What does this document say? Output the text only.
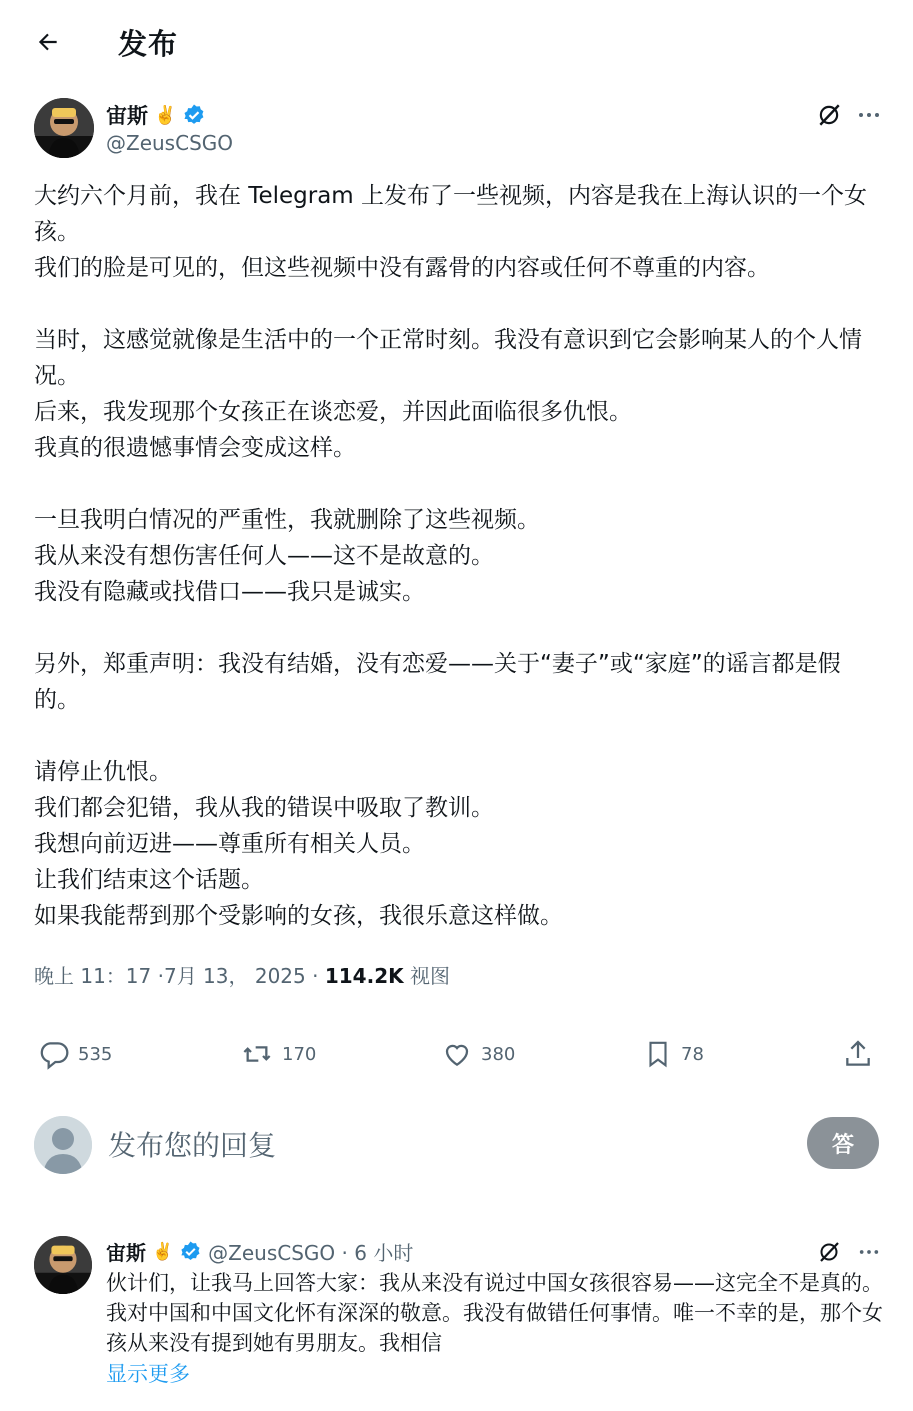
发布
宙斯 ✌️
@ZeusCSGO

大约六个月前，我在 Telegram 上发布了一些视频，内容是我在上海认识的一个女孩。

我们的脸是可见的，但这些视频中没有露骨的内容或任何不尊重的内容。

当时，这感觉就像是生活中的一个正常时刻。我没有意识到它会影响某人的个人情况。

后来，我发现那个女孩正在谈恋爱，并因此面临很多仇恨。

我真的很遗憾事情会变成这样。

一旦我明白情况的严重性，我就删除了这些视频。

我从来没有想伤害任何人——这不是故意的。

我没有隐藏或找借口——我只是诚实。

另外，郑重声明：我没有结婚，没有恋爱——关于“妻子”或“家庭”的谣言都是假的。

请停止仇恨。

我们都会犯错，我从我的错误中吸取了教训。

我想向前迈进——尊重所有相关人员。

让我们结束这个话题。

如果我能帮到那个受影响的女孩，我很乐意这样做。

晚上 11：17 ·7月 13， 2025 · 114.2K 视图
535	170	380	78
发布您的回复	答
宙斯 ✌️ @ZeusCSGO · 6 小时
伙计们，让我马上回答大家：我从来没有说过中国女孩很容易——这完全不是真的。我对中国和中国文化怀有深深的敬意。我没有做错任何事情。唯一不幸的是，那个女孩从来没有提到她有男朋友。我相信
显示更多
